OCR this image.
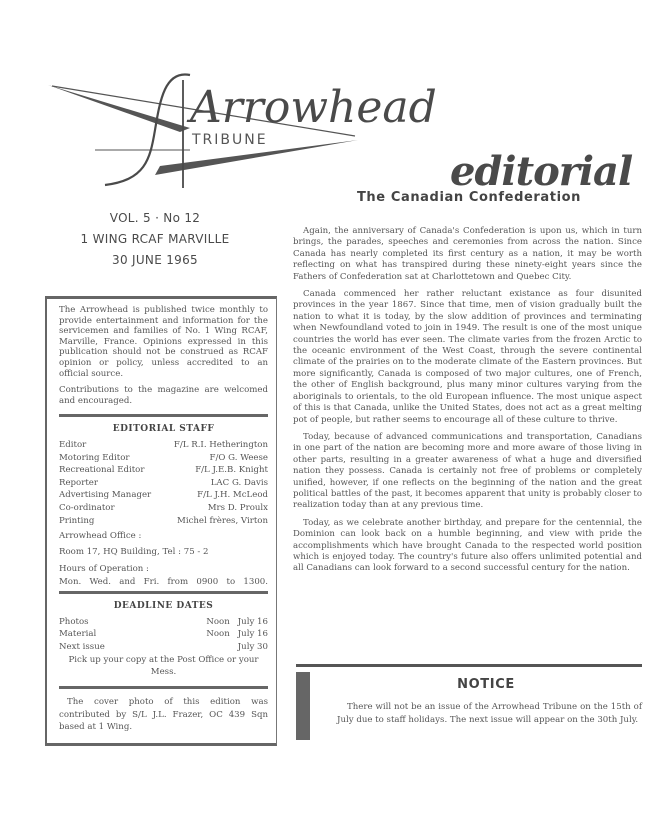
Arrowhead
TRIBUNE
VOL. 5 · No 12
1 WING RCAF MARVILLE
30 JUNE 1965

The Arrowhead is published twice monthly to provide entertainment and information for the servicemen and families of No. 1 Wing RCAF, Marville, France. Opinions expressed in this publication should not be construed as RCAF opinion or policy, unless accredited to an official source.

Contributions to the magazine are welcomed and encouraged.

EDITORIAL STAFF
Editor	F/L R.I. Hetherington
Motoring Editor	F/O G. Weese
Recreational Editor	F/L J.E.B. Knight
Reporter	LAC G. Davis
Advertising Manager	F/L J.H. McLeod
Co-ordinator	Mrs D. Proulx
Printing	Michel frères, Virton
Arrowhead Office :
Room 17, HQ Building, Tel : 75 - 2
Hours of Operation :
Mon. Wed. and Fri. from 0900 to 1300.
DEADLINE DATES
Photos	Noon July 16
Material	Noon July 16
Next issue	July 30

Pick up your copy at the Post Office or your Mess.

The cover photo of this edition was contributed by S/L J.L. Frazer, OC 439 Sqn based at 1 Wing.

editorial
The Canadian Confederation

Again, the anniversary of Canada's Confederation is upon us, which in turn brings, the parades, speeches and ceremonies from across the nation. Since Canada has nearly completed its first century as a nation, it may be worth reflecting on what has transpired during these ninety-eight years since the Fathers of Confederation sat at Charlottetown and Quebec City.

Canada commenced her rather reluctant existance as four disunited provinces in the year 1867. Since that time, men of vision gradually built the nation to what it is today, by the slow addition of provinces and terminating when Newfoundland voted to join in 1949. The result is one of the most unique countries the world has ever seen. The climate varies from the frozen Arctic to the oceanic environment of the West Coast, through the severe continental climate of the prairies on to the moderate climate of the Eastern provinces. But more significantly, Canada is composed of two major cultures, one of French, the other of English background, plus many minor cultures varying from the aboriginals to orientals, to the old European influence. The most unique aspect of this is that Canada, unlike the United States, does not act as a great melting pot of people, but rather seems to encourage all of these culture to thrive.

Today, because of advanced communications and transportation, Canadians in one part of the nation are becoming more and more aware of those living in other parts, resulting in a greater awareness of what a huge and diversified nation they possess. Canada is certainly not free of problems or completely unified, however, if one reflects on the beginning of the nation and the great political battles of the past, it becomes apparent that unity is probably closer to realization today than at any previous time.

Today, as we celebrate another birthday, and prepare for the centennial, the Dominion can look back on a humble beginning, and view with pride the accomplishments which have brought Canada to the respected world position which is enjoyed today. The country's future also offers unlimited potential and all Canadians can look forward to a second successful century for the nation.

NOTICE
There will not be an issue of the Arrowhead Tribune on the 15th of July due to staff holidays. The next issue will appear on the 30th July.
